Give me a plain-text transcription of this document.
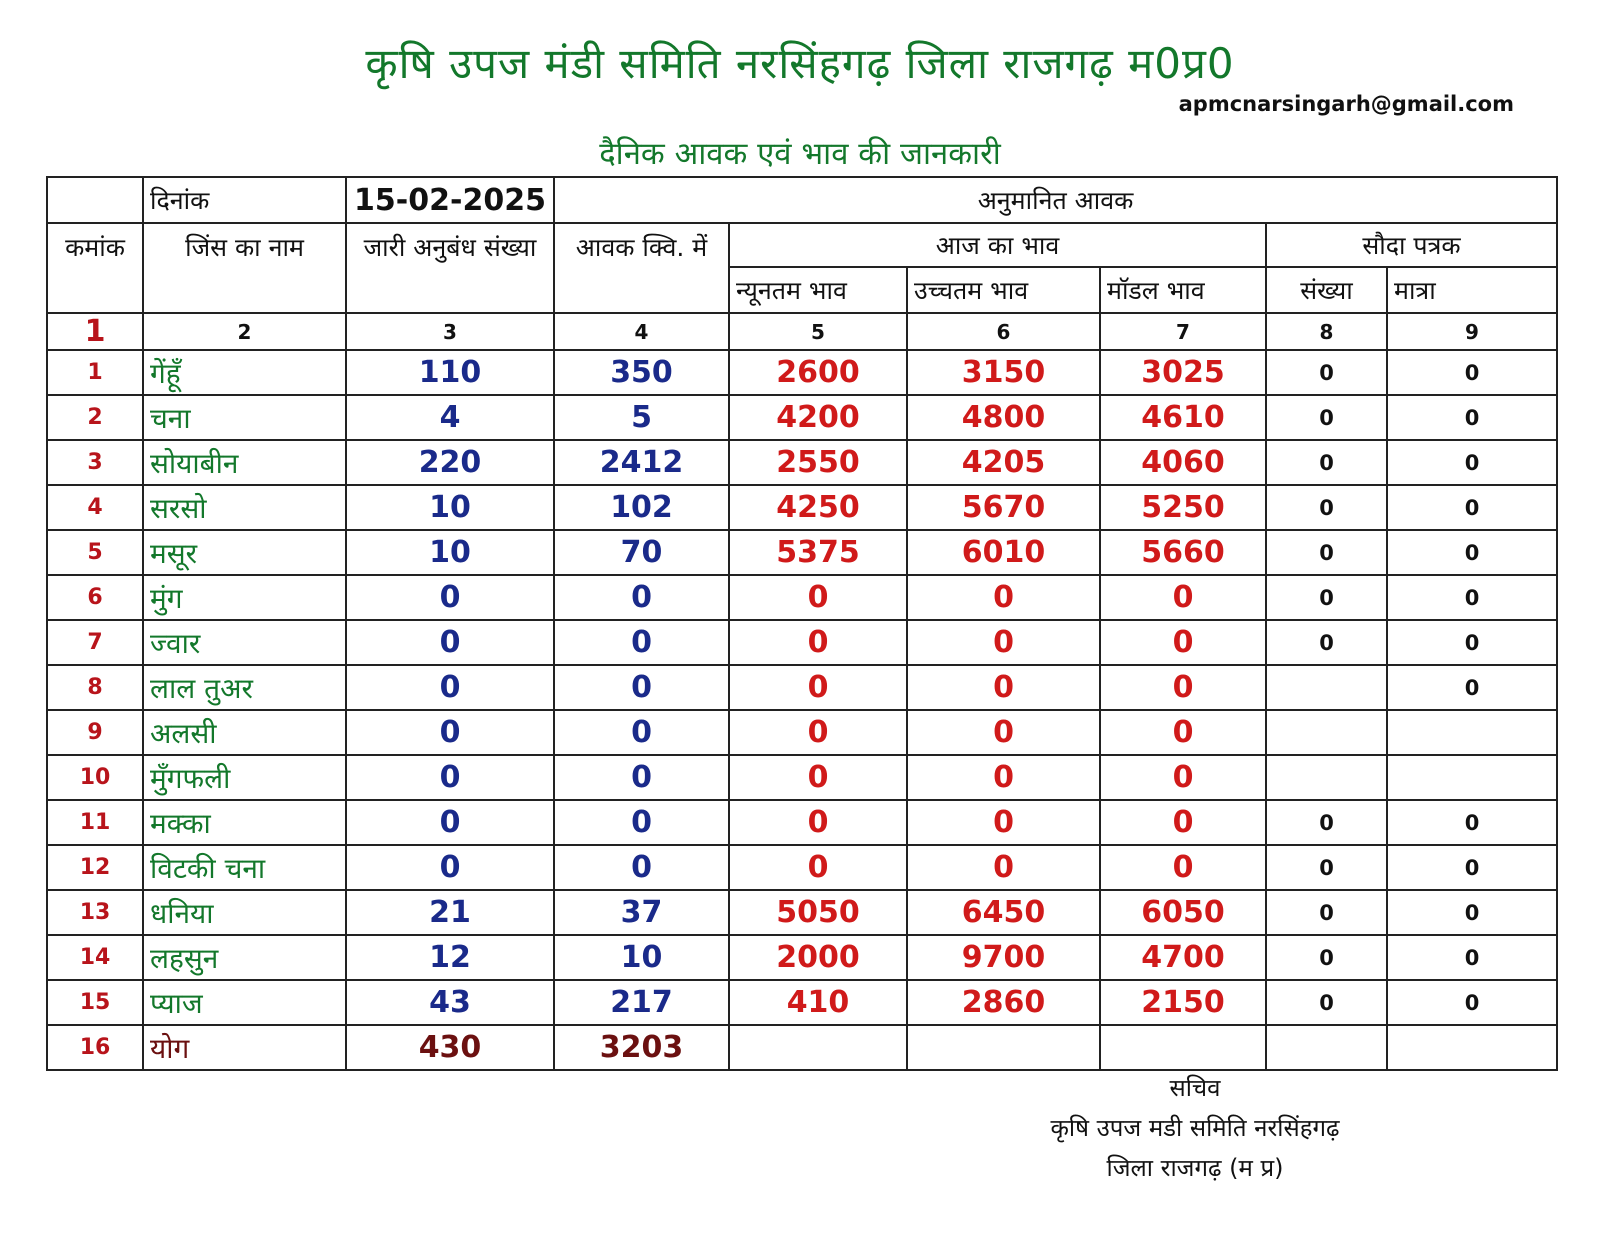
कृषि उपज मंडी समिति नरसिंहगढ़ जिला राजगढ़ म0प्र0
apmcnarsingarh@gmail.com
दैनिक आवक एवं भाव की जानकारी
	दिनांक	15-02-2025	अनुमानित आवक					
कमांक	जिंस का नाम	जारी अनुबंध संख्या	आवक क्वि. में	आज का भाव			सौदा पत्रक	
				न्यूनतम भाव	उच्चतम भाव	मॉडल भाव	संख्या	मात्रा
1	2	3	4	5	6	7	8	9
1	गेंहूँ	110	350	2600	3150	3025	0	0
2	चना	4	5	4200	4800	4610	0	0
3	सोयाबीन	220	2412	2550	4205	4060	0	0
4	सरसो	10	102	4250	5670	5250	0	0
5	मसूर	10	70	5375	6010	5660	0	0
6	मुंग	0	0	0	0	0	0	0
7	ज्वार	0	0	0	0	0	0	0
8	लाल तुअर	0	0	0	0	0		0
9	अलसी	0	0	0	0	0		
10	मुँगफली	0	0	0	0	0		
11	मक्का	0	0	0	0	0	0	0
12	विटकी चना	0	0	0	0	0	0	0
13	धनिया	21	37	5050	6450	6050	0	0
14	लहसुन	12	10	2000	9700	4700	0	0
15	प्याज	43	217	410	2860	2150	0	0
16	योग	430	3203					
सचिव
कृषि उपज मडी समिति नरसिंहगढ़
जिला राजगढ़ (म प्र)
